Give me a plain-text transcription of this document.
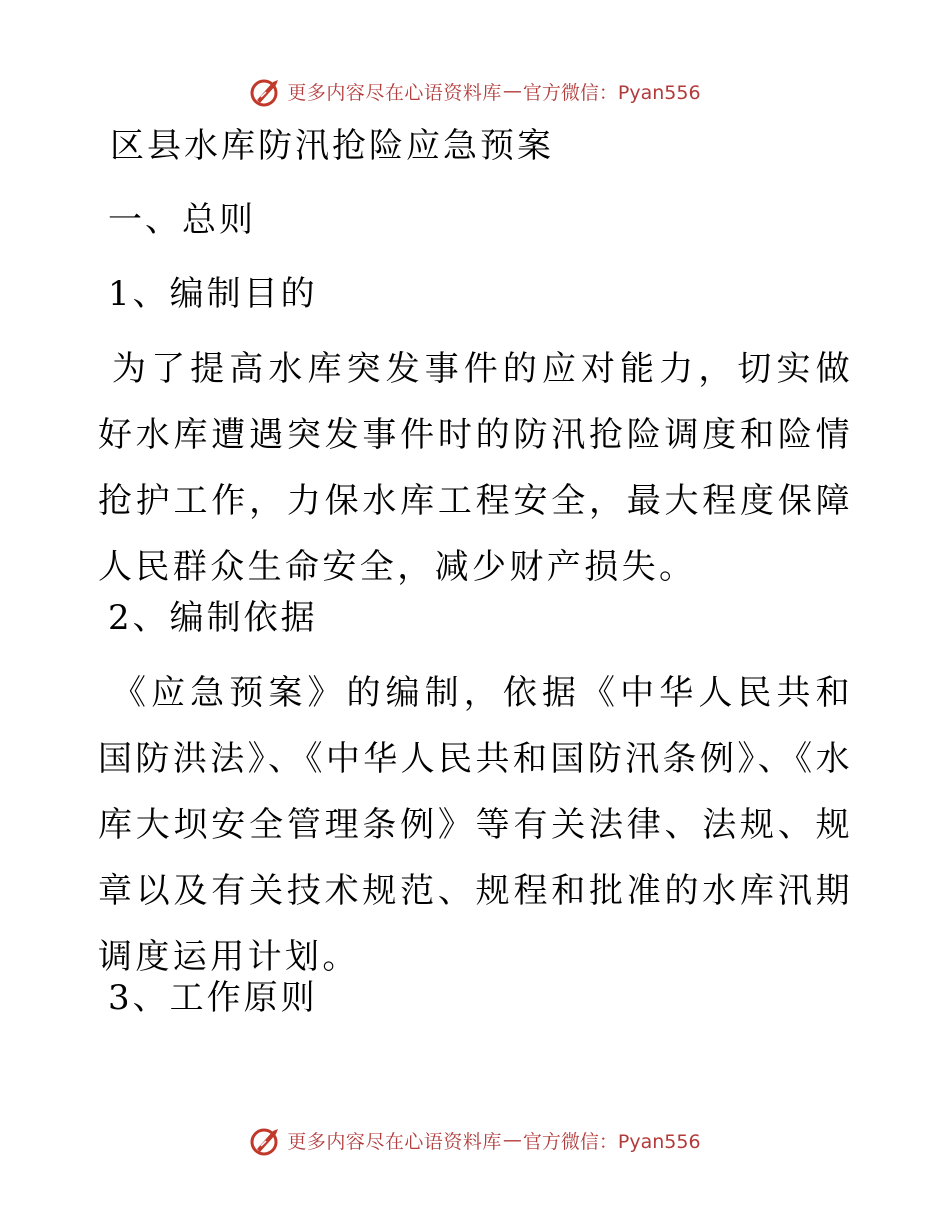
更多内容尽在心语资料库 — 官方微信：Pyan556
区县水库防汛抢险应急预案
一、总则
1、编制目的
为了提高水库突发事件的应对能力，切实做好水库遭遇突发事件时的防汛抢险调度和险情抢护工作，力保水库工程安全，最大程度保障人民群众生命安全，减少财产损失。
2、编制依据
《应急预案》的编制，依据《中华人民共和国防洪法》、《中华人民共和国防汛条例》、《水库大坝安全管理条例》等有关法律、法规、规章以及有关技术规范、规程和批准的水库汛期调度运用计划。
3、工作原则
更多内容尽在心语资料库 — 官方微信：Pyan556
